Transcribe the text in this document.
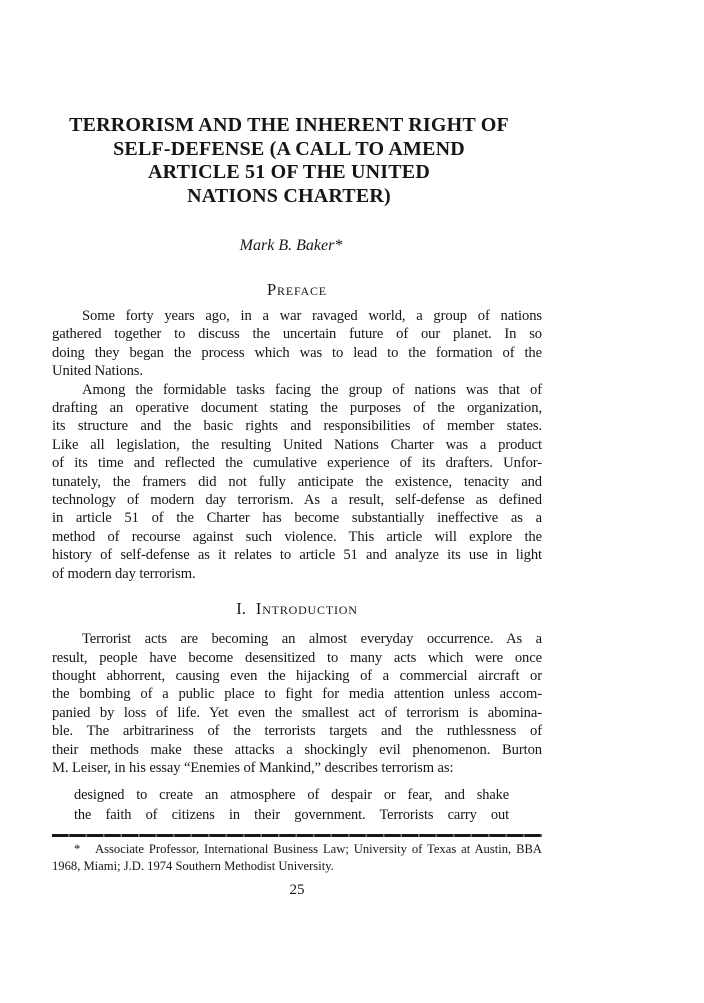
TERRORISM AND THE INHERENT RIGHT OF
SELF-DEFENSE (A CALL TO AMEND
ARTICLE 51 OF THE UNITED
NATIONS CHARTER)
Mark B. Baker*
Preface
Some forty years ago, in a war ravaged world, a group of nations
gathered together to discuss the uncertain future of our planet. In so
doing they began the process which was to lead to the formation of the
United Nations.
Among the formidable tasks facing the group of nations was that of
drafting an operative document stating the purposes of the organization,
its structure and the basic rights and responsibilities of member states.
Like all legislation, the resulting United Nations Charter was a product
of its time and reflected the cumulative experience of its drafters. Unfor-
tunately, the framers did not fully anticipate the existence, tenacity and
technology of modern day terrorism. As a result, self-defense as defined
in article 51 of the Charter has become substantially ineffective as a
method of recourse against such violence. This article will explore the
history of self-defense as it relates to article 51 and analyze its use in light
of modern day terrorism.
I. Introduction
Terrorist acts are becoming an almost everyday occurrence. As a
result, people have become desensitized to many acts which were once
thought abhorrent, causing even the hijacking of a commercial aircraft or
the bombing of a public place to fight for media attention unless accom-
panied by loss of life. Yet even the smallest act of terrorism is abomina-
ble. The arbitrariness of the terrorists targets and the ruthlessness of
their methods make these attacks a shockingly evil phenomenon. Burton
M. Leiser, in his essay “Enemies of Mankind,” describes terrorism as:
designed to create an atmosphere of despair or fear, and shake
the faith of citizens in their government. Terrorists carry out
*   Associate Professor, International Business Law; University of Texas at Austin, BBA
1968, Miami; J.D. 1974 Southern Methodist University.
25
